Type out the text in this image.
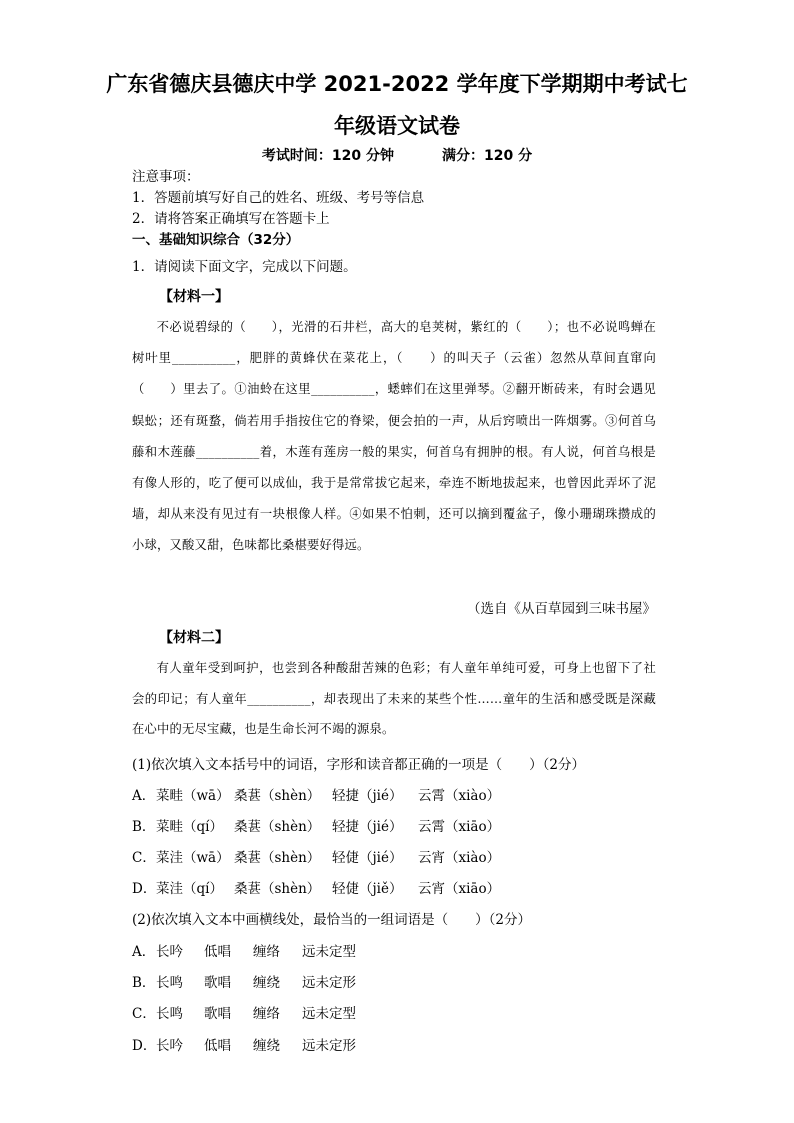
广东省德庆县德庆中学 2021-2022 学年度下学期期中考试七
年级语文试卷
考试时间：120 分钟	满分：120 分
注意事项：
1．答题前填写好自己的姓名、班级、考号等信息
2．请将答案正确填写在答题卡上
一、基础知识综合（32分）
1．请阅读下面文字，完成以下问题。
【材料一】

不必说碧绿的（　　），光滑的石井栏，高大的皂荚树，紫红的（　　）；也不必说鸣蝉在树叶里__________，肥胖的黄蜂伏在菜花上，（　　）的叫天子（云雀）忽然从草间直窜向（　　）里去了。①油蛉在这里__________，蟋蟀们在这里弹琴。②翻开断砖来，有时会遇见蜈蚣；还有斑蝥，倘若用手指按住它的脊梁，便会拍的一声，从后窍喷出一阵烟雾。③何首乌藤和木莲藤__________着，木莲有莲房一般的果实，何首乌有拥肿的根。有人说，何首乌根是有像人形的，吃了便可以成仙，我于是常常拔它起来，牵连不断地拔起来，也曾因此弄坏了泥墙，却从来没有见过有一块根像人样。④如果不怕刺，还可以摘到覆盆子，像小珊瑚珠攒成的小球，又酸又甜，色味都比桑椹要好得远。

（选自《从百草园到三味书屋》
【材料二】

有人童年受到呵护，也尝到各种酸甜苦辣的色彩；有人童年单纯可爱，可身上也留下了社会的印记；有人童年__________，却表现出了未来的某些个性……童年的生活和感受既是深藏在心中的无尽宝藏，也是生命长河不竭的源泉。

(1)依次填入文本括号中的词语，字形和读音都正确的一项是（　　）（2分）
A．菜畦（wā） 桑葚（shèn） 轻捷（jié） 云霄（xiào）
B．菜畦（qí） 桑葚（shèn） 轻捷（jié） 云霄（xiāo）
C．菜洼（wā） 桑葚（shèn） 轻倢（jié） 云宵（xiào）
D．菜洼（qí） 桑葚（shèn） 轻倢（jiě） 云宵（xiāo）
(2)依次填入文本中画横线处，最恰当的一组词语是（　　）（2分）
A．长吟 低唱 缠络 远未定型
B．长鸣 歌唱 缠绕 远未定形
C．长鸣 歌唱 缠络 远未定型
D．长吟 低唱 缠绕 远未定形
